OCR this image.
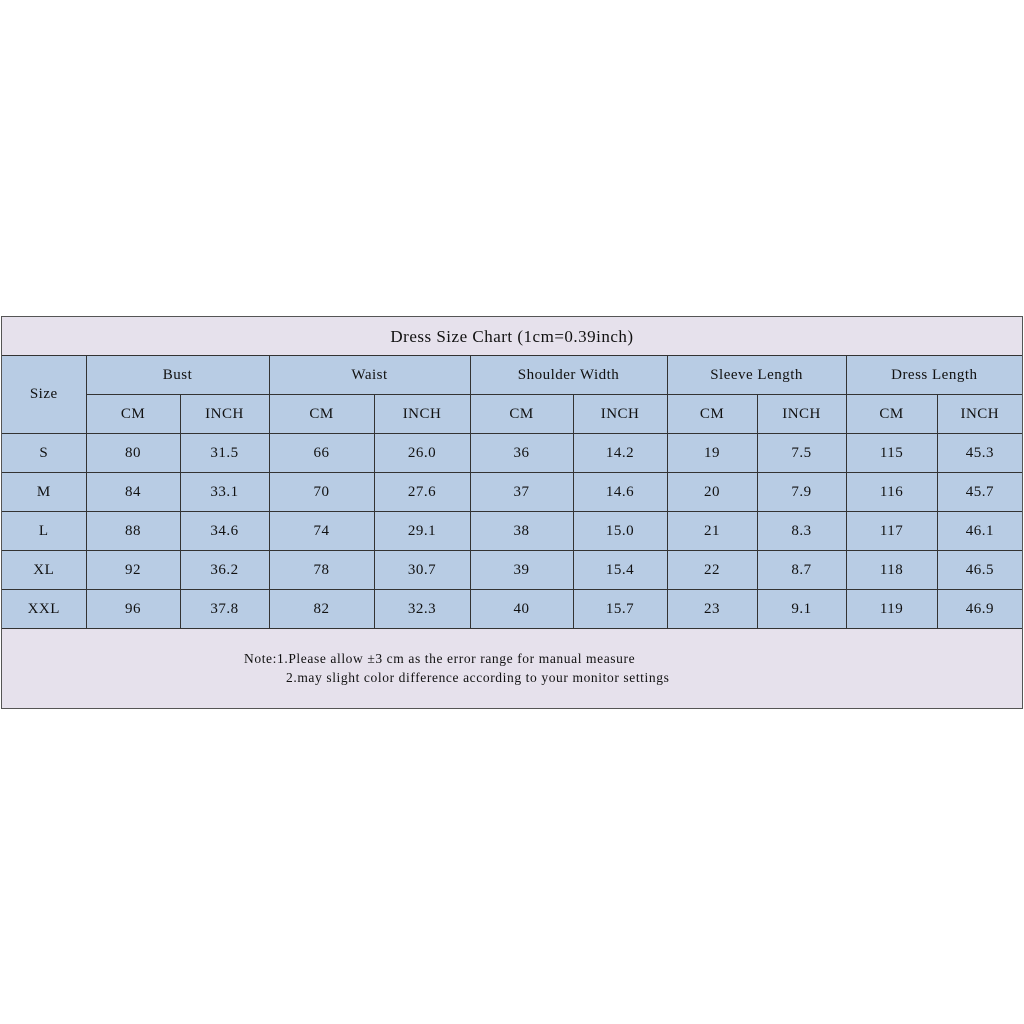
Dress Size Chart (1cm=0.39inch)
Size	Bust		Waist		Shoulder Width		Sleeve Length		Dress Length	
	CM	INCH	CM	INCH	CM	INCH	CM	INCH	CM	INCH
S	80	31.5	66	26.0	36	14.2	19	7.5	115	45.3
M	84	33.1	70	27.6	37	14.6	20	7.9	116	45.7
L	88	34.6	74	29.1	38	15.0	21	8.3	117	46.1
XL	92	36.2	78	30.7	39	15.4	22	8.7	118	46.5
XXL	96	37.8	82	32.3	40	15.7	23	9.1	119	46.9
Note:1.Please allow ±3 cm as the error range for manual measure
2.may slight color difference according to your monitor settings
